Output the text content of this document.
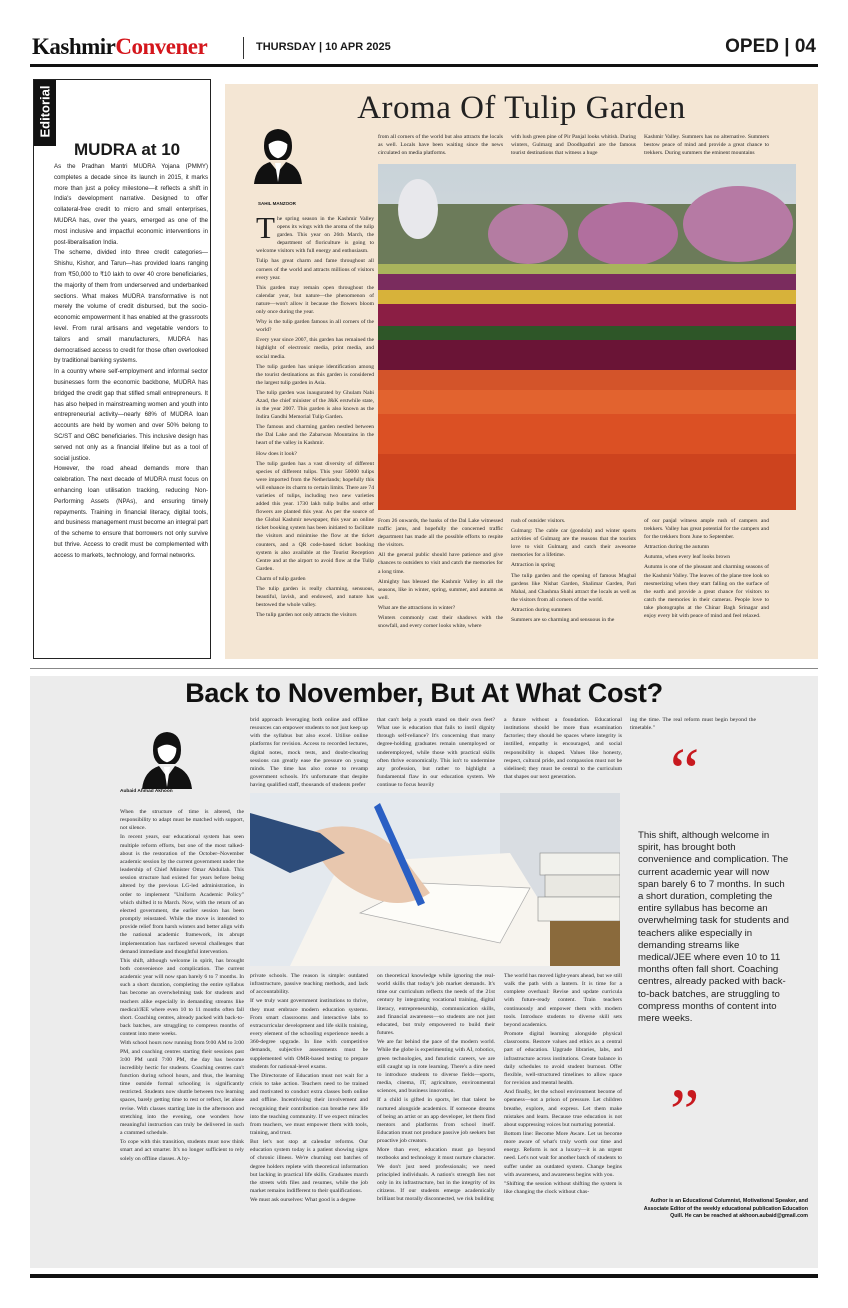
KashmirConvener	THURSDAY | 10 APR 2025	OPED | 04
Editorial
MUDRA at 10

As the Pradhan Mantri MUDRA Yojana (PMMY) completes a decade since its launch in 2015, it marks more than just a policy milestone—it reflects a shift in India's development narrative. Designed to offer collateral-free credit to micro and small enterprises, MUDRA has, over the years, emerged as one of the most inclusive and impactful economic interventions in post-liberalisation India.

The scheme, divided into three credit categories—Shishu, Kishor, and Tarun—has provided loans ranging from ₹50,000 to ₹10 lakh to over 40 crore beneficiaries, the majority of them from underserved and underbanked sections. What makes MUDRA transformative is not merely the volume of credit disbursed, but the socio-economic empowerment it has enabled at the grassroots level. From rural artisans and vegetable vendors to tailors and small manufacturers, MUDRA has democratised access to credit for those often overlooked by traditional banking systems.

In a country where self-employment and informal sector businesses form the economic backbone, MUDRA has bridged the credit gap that stifled small entrepreneurs. It has also helped in mainstreaming women and youth into entrepreneurial activity—nearly 68% of MUDRA loan accounts are held by women and over 50% belong to SC/ST and OBC beneficiaries. This inclusive design has served not only as a financial lifeline but as a tool of social justice.

However, the road ahead demands more than celebration. The next decade of MUDRA must focus on enhancing loan utilisation tracking, reducing Non-Performing Assets (NPAs), and ensuring timely repayments. Training in financial literacy, digital tools, and business management must become an integral part of the scheme to ensure that borrowers not only survive but thrive. Access to credit must be complemented with access to markets, technology, and formal networks.

Aroma Of Tulip Garden
SAHIL MANZOOR

The spring season in the Kashmir Valley opens its wings with the aroma of the tulip garden. This year on 26th March, the department of floriculture is going to welcome visitors with full energy and enthusiasm.

Tulip has great charm and fame throughout all corners of the world and attracts millions of visitors every year.

This garden may remain open throughout the calendar year, but nature—the phenomenon of nature—won't allow it because the flowers bloom only once during the year.

Why is the tulip garden famous in all corners of the world?

Every year since 2007, this garden has remained the highlight of electronic media, print media, and social media.

The tulip garden has unique identification among the tourist destinations as this garden is considered the largest tulip garden in Asia.

The tulip garden was inaugurated by Ghulam Nabi Azad, the chief minister of the J&K erstwhile state, in the year 2007. This garden is also known as the Indira Gandhi Memorial Tulip Garden.

The famous and charming garden nestled between the Dal Lake and the Zabarwan Mountains in the heart of the valley in Kashmir.

How does it look?

The tulip garden has a vast diversity of different species of different tulips. This year 50000 tulips were imported from the Netherlands; hopefully this will enhance its charm to certain limits. There are 74 varieties of tulips, including two new varieties added this year. 1730 lakh tulip bulbs and other flowers are planted this year. As per the source of the Global Kashmir newspaper, this year an online ticket booking system has been initiated to facilitate the visitors and minimise the flow at the ticket counters, and a QR code-based ticket booking system is also available at the Tourist Reception Centre and at the airport to avoid flow at the Tulip Garden.

Charm of tulip garden

The tulip garden is really charming, sensuous, beautiful, lavish, and endowed, and nature has bestowed the whole valley.

The tulip garden not only attracts the visitors

from all corners of the world but also attracts the locals as well. Locals have been waiting since the news circulated on media platforms.
with lush green pine of Pir Panjal looks whitish. During winters, Gulmarg and Doodhpathri are the famous tourist destinations that witness a huge
Kashmir Valley. Summers has no alternative. Summers bestow peace of mind and provide a great chance to trekkers. During summers the eminent mountains

From 26 onwards, the banks of the Dal Lake witnessed traffic jams, and hopefully the concerned traffic department has made all the possible efforts to respite the visitors.

All the general public should have patience and give chances to outsiders to visit and catch the memories for a long time.

Almighty has blessed the Kashmir Valley in all the seasons, like in winter, spring, summer, and autumn as well.

What are the attractions in winter?

Winters commonly cast their shadows with the snowfall, and every corner looks white, where

rush of outsider visitors.

Gulmarg: The cable car (gondola) and winter sports activities of Gulmarg are the reasons that the tourists love to visit Gulmarg and catch their awesome memories for a lifetime.

Attraction in spring

The tulip garden and the opening of famous Mughal gardens like Nishat Garden, Shalimar Garden, Pari Mahal, and Chashma Shahi attract the locals as well as the visitors from all corners of the world.

Attraction during summers

Summers are so charming and sensuous in the

of our panjal witness ample rush of campers and trekkers. Valley has great potential for the campers and for the trekkers from June to September.

Attraction during the autumn

Autumn, when every leaf looks brown

Autumn is one of the pleasant and charming seasons of the Kashmir Valley. The leaves of the plane tree look so mesmerizing when they start falling on the surface of the earth and provide a great chance for visitors to catch the memories in their cameras. People love to take photographs at the Chinar Bagh Srinagar and enjoy every bit with peace of mind and feel relaxed.

Back to November, But At What Cost?
Aubaid Ahmad Akhoon

When the structure of time is altered, the responsibility to adapt must be matched with support, not silence.

In recent years, our educational system has seen multiple reform efforts, but one of the most talked-about is the restoration of the October–November academic session by the current government under the leadership of Chief Minister Omar Abdullah. This session structure had existed for years before being altered by the previous LG-led administration, in order to implement "Uniform Academic Policy" which shifted it to March. Now, with the return of an elected government, the earlier session has been promptly reinstated. While the move is intended to provide relief from harsh winters and better align with the national academic framework, its abrupt implementation has surfaced several challenges that demand immediate and thoughtful intervention.

This shift, although welcome in spirit, has brought both convenience and complication. The current academic year will now span barely 6 to 7 months. In such a short duration, completing the entire syllabus has become an overwhelming task for students and teachers alike especially in demanding streams like medical/JEE where even 10 to 11 months often fall short. Coaching centres, already packed with back-to-back batches, are struggling to compress months of content into mere weeks.

With school hours now running from 9:00 AM to 3:00 PM, and coaching centres starting their sessions past 3:00 PM until 7:00 PM, the day has become incredibly hectic for students. Coaching centres can't function during school hours, and thus, the learning time outside formal schooling is significantly restricted. Students now shuttle between two learning spaces, barely getting time to rest or reflect, let alone revise. With classes starting late in the afternoon and stretching into the evening, one wonders how meaningful instruction can truly be delivered in such a crammed schedule.

To cope with this transition, students must now think smart and act smarter. It's no longer sufficient to rely solely on offline classes. A hy-

brid approach leveraging both online and offline resources can empower students to not just keep up with the syllabus but also excel. Utilise online platforms for revision. Access to recorded lectures, digital notes, mock tests, and doubt-clearing sessions can greatly ease the pressure on young minds. The time has also come to revamp government schools. It's unfortunate that despite having qualified staff, thousands of students prefer
that can't help a youth stand on their own feet? What use is education that fails to instil dignity through self-reliance? It's concerning that many degree-holding graduates remain unemployed or underemployed, while those with practical skills often thrive economically. This isn't to undermine any profession, but rather to highlight a fundamental flaw in our education system. We continue to focus heavily
a future without a foundation. Educational institutions should be more than examination factories; they should be spaces where integrity is instilled, empathy is encouraged, and social responsibility is shaped. Values like honesty, respect, cultural pride, and compassion must not be sidelined; they must be central to the curriculum that shapes our next generation.
ing the time. The real reform must begin beyond the timetable."

private schools. The reason is simple: outdated infrastructure, passive teaching methods, and lack of accountability.

If we truly want government institutions to thrive, they must embrace modern education systems. From smart classrooms and interactive labs to extracurricular development and life skills training, every element of the schooling experience needs a 360-degree upgrade. In line with competitive demands, subjective assessments must be supplemented with OMR-based testing to prepare students for national-level exams.

The Directorate of Education must not wait for a crisis to take action. Teachers need to be trained and motivated to conduct extra classes both online and offline. Incentivising their involvement and recognising their contribution can breathe new life into the teaching community. If we expect miracles from teachers, we must empower them with tools, training, and trust.

But let's not stop at calendar reforms. Our education system today is a patient showing signs of chronic illness. We're churning out batches of degree holders replete with theoretical information but lacking in practical life skills. Graduates march the streets with files and resumes, while the job market remains indifferent to their qualifications.

We must ask ourselves: What good is a degree

on theoretical knowledge while ignoring the real-world skills that today's job market demands. It's time our curriculum reflects the needs of the 21st century by integrating vocational training, digital literacy, entrepreneurship, communication skills, and financial awareness—so students are not just educated, but truly empowered to build their futures.

We are far behind the pace of the modern world. While the globe is experimenting with AI, robotics, green technologies, and futuristic careers, we are still caught up in rote learning. There's a dire need to introduce students to diverse fields—sports, media, cinema, IT, agriculture, environmental sciences, and business innovation.

If a child is gifted in sports, let that talent be nurtured alongside academics. If someone dreams of being an artist or an app developer, let them find mentors and platforms from school itself. Education must not produce passive job seekers but proactive job creators.

More than ever, education must go beyond textbooks and technology it must nurture character. We don't just need professionals; we need principled individuals. A nation's strength lies not only in its infrastructure, but in the integrity of its citizens. If our students emerge academically brilliant but morally disconnected, we risk building

The world has moved light-years ahead, but we still walk the path with a lantern. It is time for a complete overhaul: Revise and update curricula with future-ready content. Train teachers continuously and empower them with modern tools. Introduce students to diverse skill sets beyond academics.

Promote digital learning alongside physical classrooms. Restore values and ethics as a central part of education. Upgrade libraries, labs, and infrastructure across institutions. Create balance in daily schedules to avoid student burnout. Offer flexible, well-structured timelines to allow space for revision and mental health.

And finally, let the school environment become of openness—not a prison of pressure. Let children breathe, explore, and express. Let them make mistakes and learn. Because true education is not about suppressing voices but nurturing potential.

Bottom line: Become More Aware. Let us become more aware of what's truly worth our time and energy. Reform is not a luxury—it is an urgent need. Let's not wait for another batch of students to suffer under an outdated system. Change begins with awareness, and awareness begins with you.

"Shifting the session without shifting the system is like changing the clock without chas-

“
This shift, although welcome in spirit, has brought both convenience and complication. The current academic year will now span barely 6 to 7 months. In such a short duration, completing the entire syllabus has become an overwhelming task for students and teachers alike especially in demanding streams like medical/JEE where even 10 to 11 months often fall short. Coaching centres, already packed with back-to-back batches, are struggling to compress months of content into mere weeks.
”
Author is an Educational Columnist, Motivational Speaker, and Associate Editor of the weekly educational publication Education Quill. He can be reached at akhoon.aubaid@gmail.com
